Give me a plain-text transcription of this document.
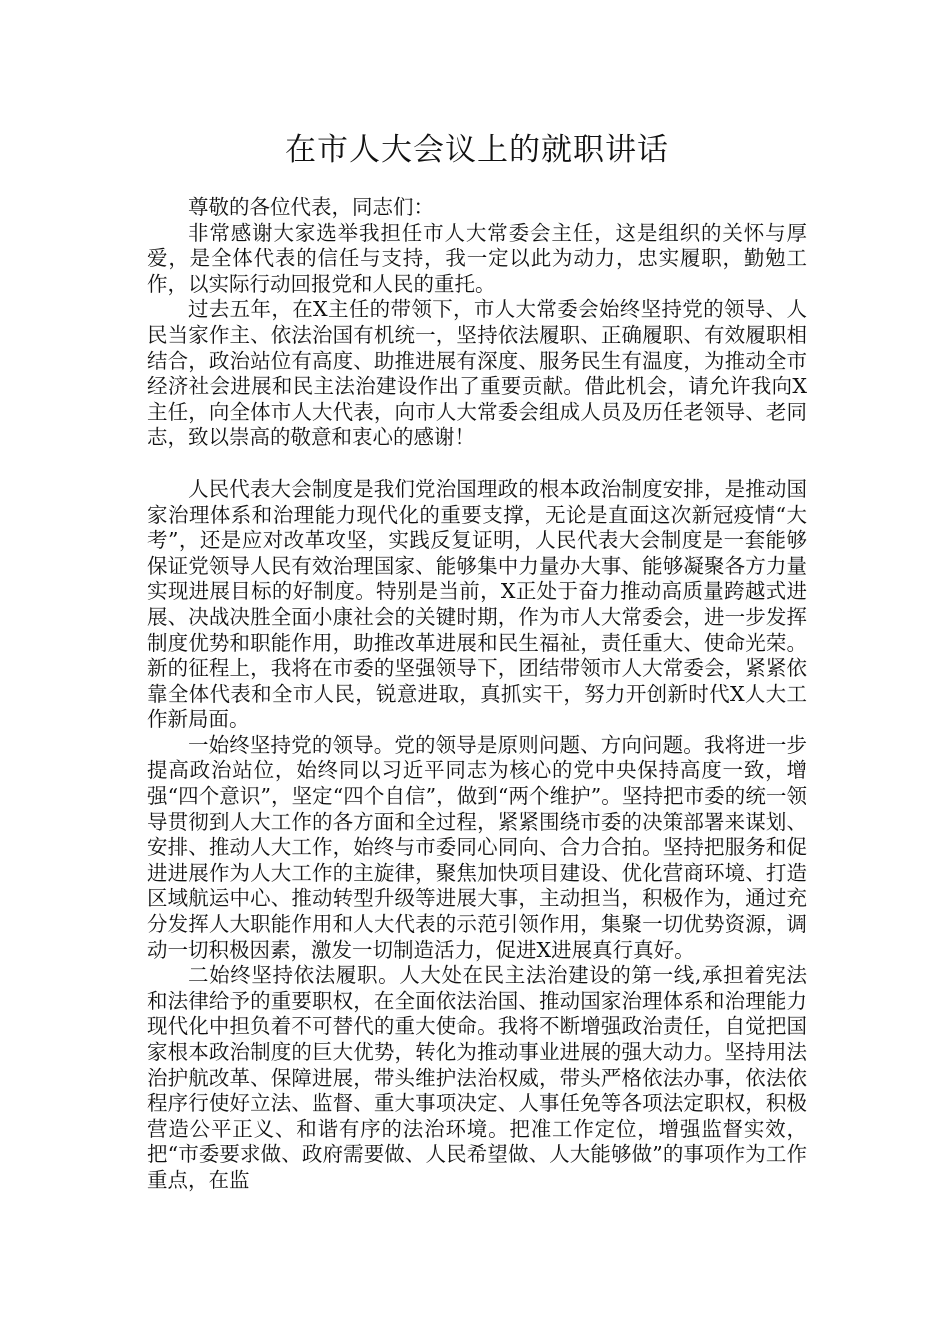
在市人大会议上的就职讲话

尊敬的各位代表，同志们：

非常感谢大家选举我担任市人大常委会主任，这是组织的关怀与厚爱，是全体代表的信任与支持，我一定以此为动力，忠实履职，勤勉工作，以实际行动回报党和人民的重托。

过去五年，在X主任的带领下，市人大常委会始终坚持党的领导、人民当家作主、依法治国有机统一，坚持依法履职、正确履职、有效履职相结合，政治站位有高度、助推进展有深度、服务民生有温度，为推动全市经济社会进展和民主法治建设作出了重要贡献。借此机会，请允许我向X主任，向全体市人大代表，向市人大常委会组成人员及历任老领导、老同志，致以崇高的敬意和衷心的感谢！

人民代表大会制度是我们党治国理政的根本政治制度安排，是推动国家治理体系和治理能力现代化的重要支撑，无论是直面这次新冠疫情“大考”，还是应对改革攻坚，实践反复证明，人民代表大会制度是一套能够保证党领导人民有效治理国家、能够集中力量办大事、能够凝聚各方力量实现进展目标的好制度。特别是当前，X正处于奋力推动高质量跨越式进展、决战决胜全面小康社会的关键时期，作为市人大常委会，进一步发挥制度优势和职能作用，助推改革进展和民生福祉，责任重大、使命光荣。新的征程上，我将在市委的坚强领导下，团结带领市人大常委会，紧紧依靠全体代表和全市人民，锐意进取，真抓实干，努力开创新时代X人大工作新局面。

一始终坚持党的领导。党的领导是原则问题、方向问题。我将进一步提高政治站位，始终同以习近平同志为核心的党中央保持高度一致，增强“四个意识”，坚定“四个自信”，做到“两个维护”。坚持把市委的统一领导贯彻到人大工作的各方面和全过程，紧紧围绕市委的决策部署来谋划、安排、推动人大工作，始终与市委同心同向、合力合拍。坚持把服务和促进进展作为人大工作的主旋律，聚焦加快项目建设、优化营商环境、打造区域航运中心、推动转型升级等进展大事，主动担当，积极作为，通过充分发挥人大职能作用和人大代表的示范引领作用，集聚一切优势资源，调动一切积极因素，激发一切制造活力，促进X进展真行真好。

二始终坚持依法履职。人大处在民主法治建设的第一线,承担着宪法和法律给予的重要职权，在全面依法治国、推动国家治理体系和治理能力现代化中担负着不可替代的重大使命。我将不断增强政治责任，自觉把国家根本政治制度的巨大优势，转化为推动事业进展的强大动力。坚持用法治护航改革、保障进展，带头维护法治权威，带头严格依法办事，依法依程序行使好立法、监督、重大事项决定、人事任免等各项法定职权，积极营造公平正义、和谐有序的法治环境。把准工作定位，增强监督实效，把“市委要求做、政府需要做、人民希望做、人大能够做”的事项作为工作重点，在监
